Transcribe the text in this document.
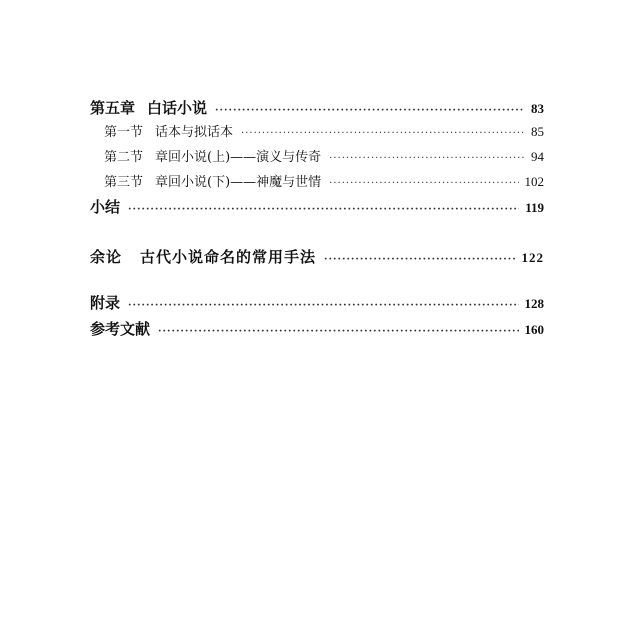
第五章 白话小说 ·····	83
第一节 话本与拟话本 ·····	85
第二节 章回小说(上)——演义与传奇 ·····	94
第三节 章回小说(下)——神魔与世情 ·····	102
小结 ·····	119
余论 古代小说命名的常用手法 ·····	122
附录 ·····	128
参考文献 ·····	160
